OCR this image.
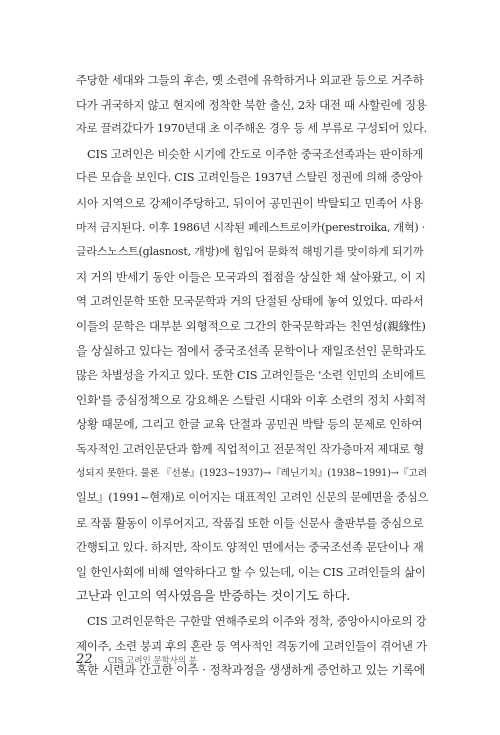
주당한 세대와 그들의 후손, 옛 소련에 유학하거나 외교관 등으로 거주하
다가 귀국하지 않고 현지에 정착한 북한 출신, 2차 대전 때 사할린에 징용
자로 끌려갔다가 1970년대 초 이주해온 경우 등 세 부류로 구성되어 있다.
CIS 고려인은 비슷한 시기에 간도로 이주한 중국조선족과는 판이하게
다른 모습을 보인다. CIS 고려인들은 1937년 스탈린 정권에 의해 중앙아
시아 지역으로 강제이주당하고, 뒤이어 공민권이 박탈되고 민족어 사용
마저 금지된다. 이후 1986년 시작된 페레스트로이카(perestroika, 개혁) ·
글라스노스트(glasnost, 개방)에 힘입어 문화적 해빙기를 맞이하게 되기까
지 거의 반세기 동안 이들은 모국과의 접점을 상실한 채 살아왔고, 이 지
역 고려인문학 또한 모국문학과 거의 단절된 상태에 놓여 있었다. 따라서
이들의 문학은 대부분 외형적으로 그간의 한국문학과는 친연성(親緣性)
을 상실하고 있다는 점에서 중국조선족 문학이나 재일조선인 문학과도
많은 차별성을 가지고 있다. 또한 CIS 고려인들은 '소련 인민의 소비에트
인화'를 중심정책으로 강요해온 스탈린 시대와 이후 소련의 정치 사회적
상황 때문에, 그리고 한글 교육 단절과 공민권 박탈 등의 문제로 인하여
독자적인 고려인문단과 함께 직업적이고 전문적인 작가층마저 제대로 형
성되지 못한다. 물론 『선봉』(1923~1937)→『레닌기치』(1938~1991)→『고려
일보』(1991~현재)로 이어지는 대표적인 고려인 신문의 문예면을 중심으
로 작품 활동이 이루어지고, 작품집 또한 이들 신문사 출판부를 중심으로
간행되고 있다. 하지만, 작이도 양적인 면에서는 중국조선족 문단이나 재
일 한인사회에 비해 열악하다고 할 수 있는데, 이는 CIS 고려인들의 삶이
고난과 인고의 역사였음을 반증하는 것이기도 하다.
CIS 고려인문학은 구한말 연해주로의 이주와 정착, 중앙아시아로의 강
제이주, 소련 붕괴 후의 혼란 등 역사적인 격동기에 고려인들이 겪어낸 가
혹한 시련과 간고한 이주 · 정착과정을 생생하게 증언하고 있는 기록에
22 CIS 고려인 문학사의 분
